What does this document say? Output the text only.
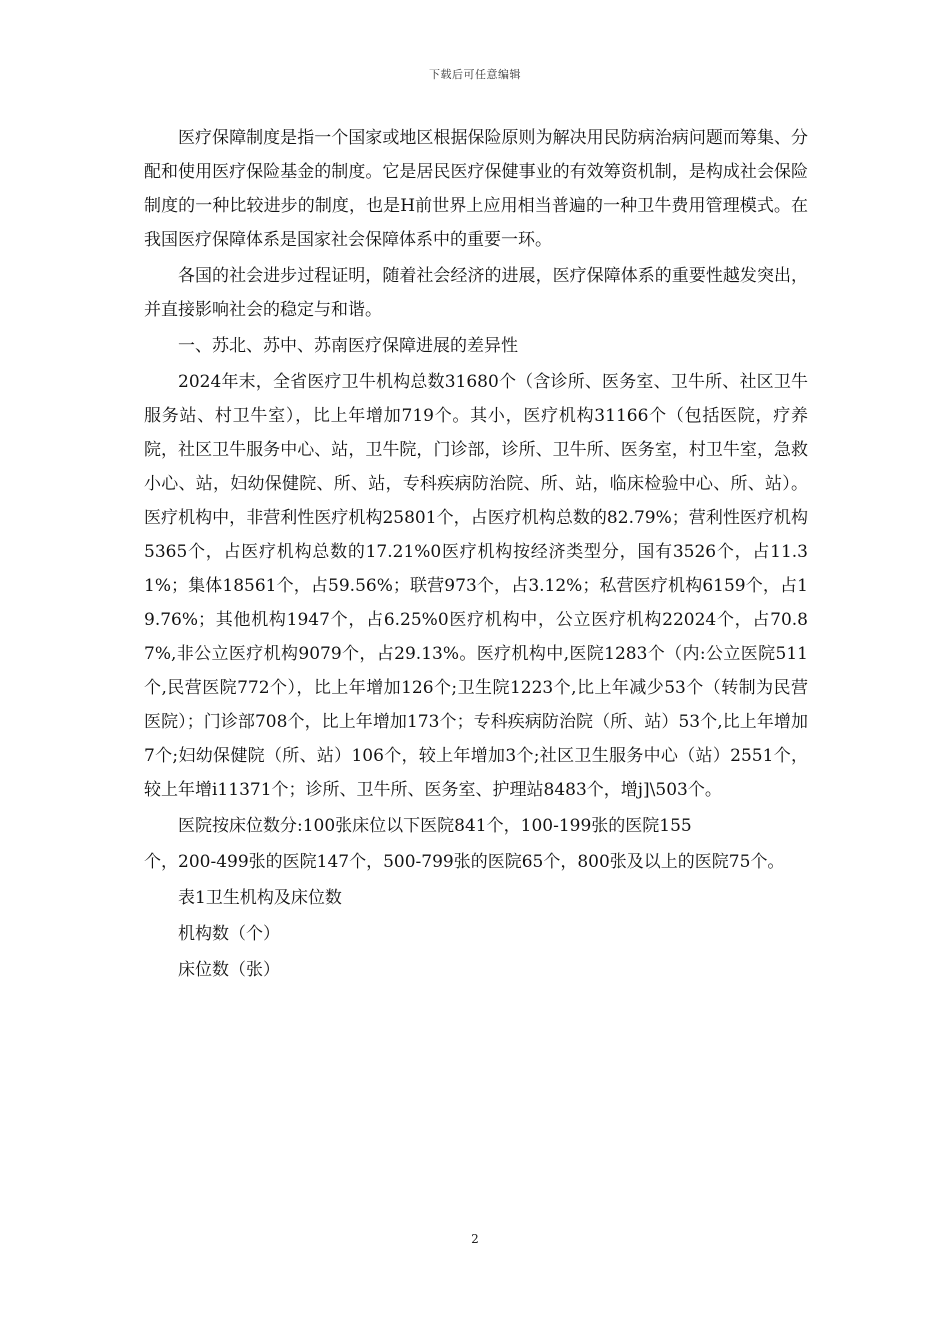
下载后可任意编辑

医疗保障制度是指一个国家或地区根据保险原则为解决用民防病治病问题而筹集、分配和使用医疗保险基金的制度。它是居民医疗保健事业的有效筹资机制，是构成社会保险制度的一种比较进步的制度，也是H前世界上应用相当普遍的一种卫牛费用管理模式。在我国医疗保障体系是国家社会保障体系中的重要一环。

各国的社会进步过程证明，随着社会经济的进展，医疗保障体系的重要性越发突出，并直接影响社会的稳定与和谐。

一、苏北、苏中、苏南医疗保障进展的差异性

2024年末，全省医疗卫牛机构总数31680个（含诊所、医务室、卫牛所、社区卫牛服务站、村卫牛室），比上年增加719个。其小，医疗机构31166个（包括医院，疗养院，社区卫牛服务中心、站，卫牛院，门诊部，诊所、卫牛所、医务室，村卫牛室，急救小心、站，妇幼保健院、所、站，专科疾病防治院、所、站，临床检验中心、所、站）。医疗机构中，非营利性医疗机构25801个，占医疗机构总数的82.79%；营利性医疗机构5365个，占医疗机构总数的17.21%0医疗机构按经济类型分，国有3526个，占11.31%；集体18561个，占59.56%；联营973个，占3.12%；私营医疗机构6159个，占19.76%；其他机构1947个，占6.25%0医疗机构中，公立医疗机构22024个，占70.87%,非公立医疗机构9079个，占29.13%。医疗机构中,医院1283个（内:公立医院511个,民营医院772个），比上年增加126个;卫生院1223个,比上年减少53个（转制为民营医院）；门诊部708个，比上年增加173个；专科疾病防治院（所、站）53个,比上年增加7个;妇幼保健院（所、站）106个，较上年增加3个;社区卫生服务中心（站）2551个，较上年增i11371个；诊所、卫牛所、医务室、护理站8483个，增j]\503个。

医院按床位数分:100张床位以下医院841个，100-199张的医院155

个，200-499张的医院147个，500-799张的医院65个，800张及以上的医院75个。

表1卫生机构及床位数

机构数（个）

床位数（张）

2
